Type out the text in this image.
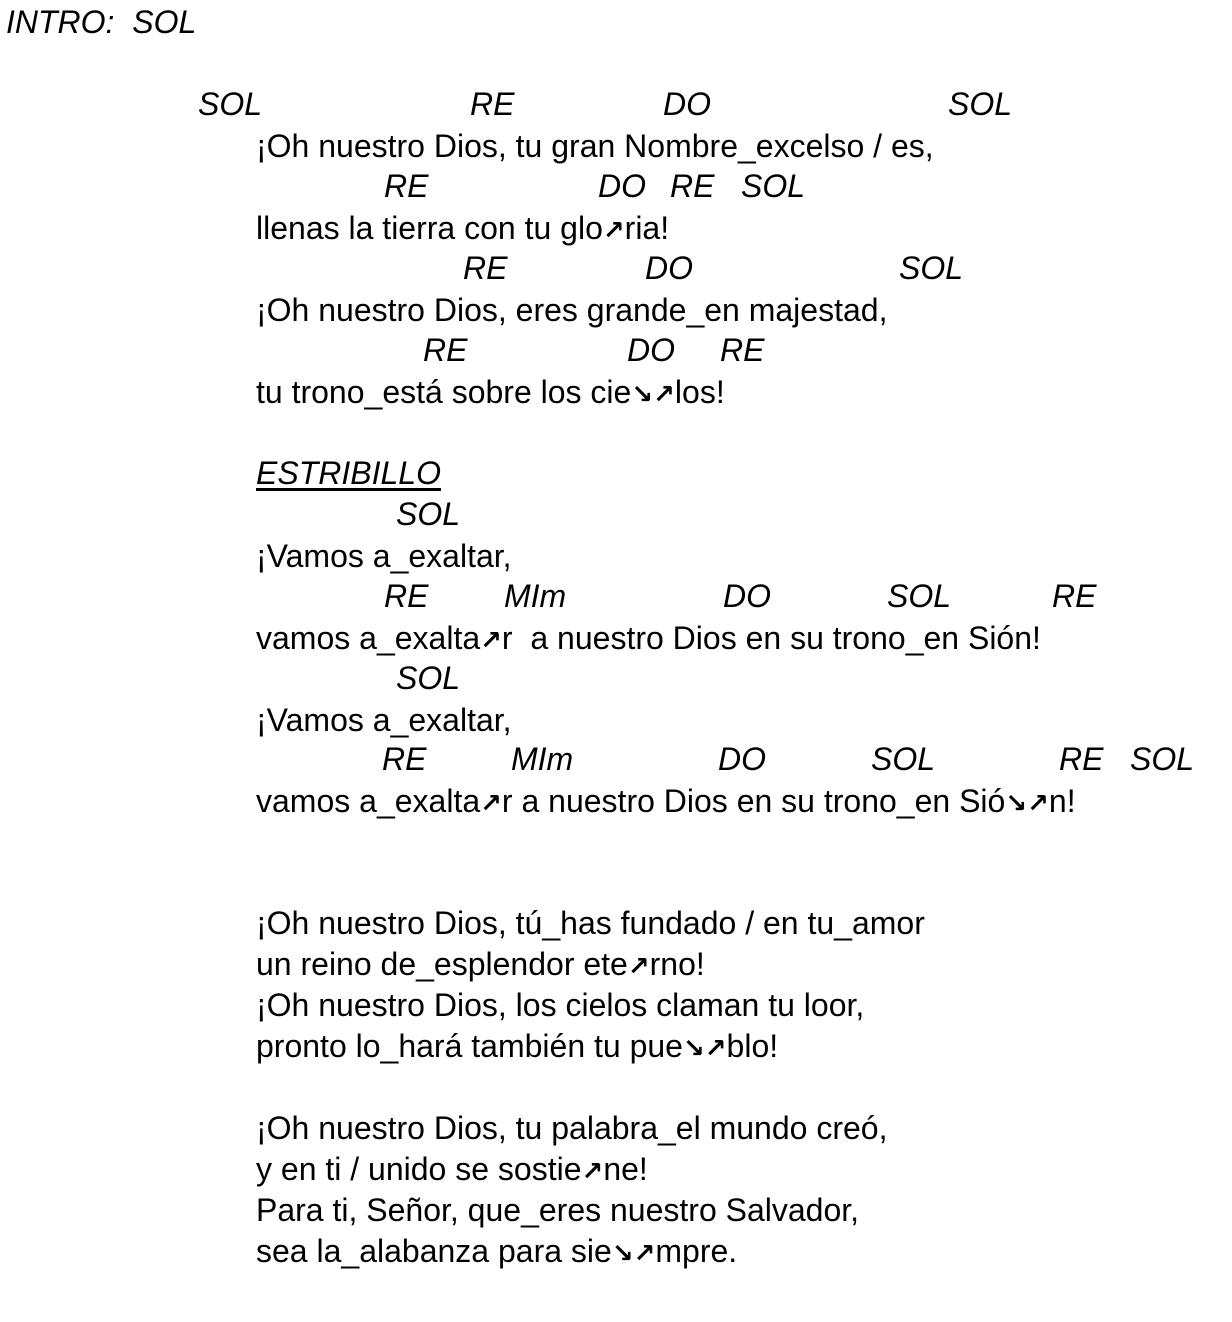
INTRO:  SOL
SOL	RE	DO	SOL
¡Oh nuestro Dios, tu gran Nombre_excelso / es,
RE	DO RE SOL
llenas la tierra con tu glo↗ria!
RE	DO	SOL
¡Oh nuestro Dios, eres grande_en majestad,
RE	DO RE
tu trono_está sobre los cie↘↗los!
ESTRIBILLO
SOL
¡Vamos a_exaltar,
RE MIm	DO	SOL	RE
vamos a_exalta↗r  a nuestro Dios en su trono_en Sión!
SOL
¡Vamos a_exaltar,
RE	MIm	DO	SOL	RE SOL
vamos a_exalta↗r a nuestro Dios en su trono_en Sió↘↗n!
¡Oh nuestro Dios, tú_has fundado / en tu_amor
un reino de_esplendor ete↗rno!
¡Oh nuestro Dios, los cielos claman tu loor,
pronto lo_hará también tu pue↘↗blo!
¡Oh nuestro Dios, tu palabra_el mundo creó,
y en ti / unido se sostie↗ne!
Para ti, Señor, que_eres nuestro Salvador,
sea la_alabanza para sie↘↗mpre.
